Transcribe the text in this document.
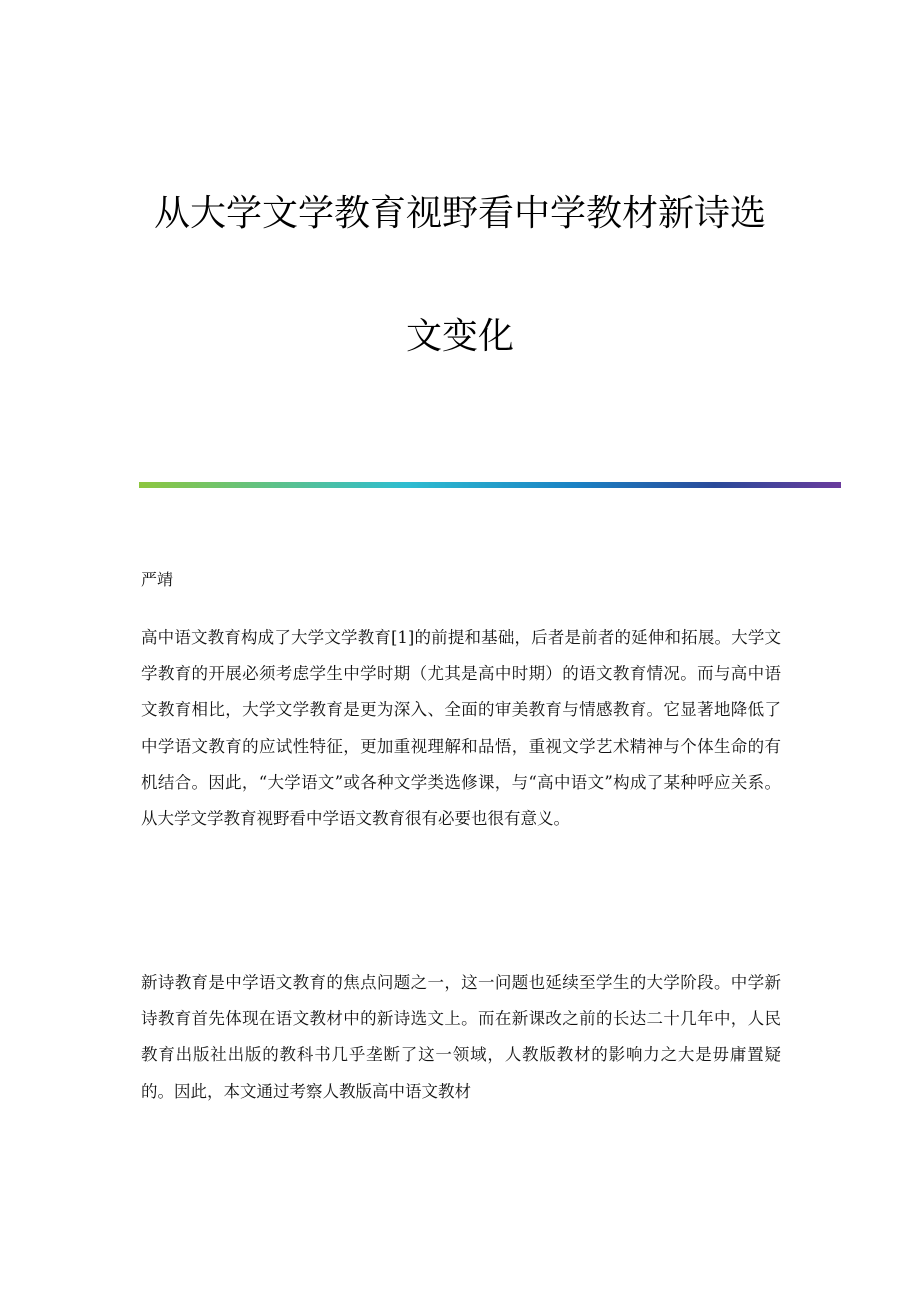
从大学文学教育视野看中学教材新诗选
文变化

严靖

高中语文教育构成了大学文学教育[1]的前提和基础，后者是前者的延伸和拓展。大学文学教育的开展必须考虑学生中学时期（尤其是高中时期）的语文教育情况。而与高中语文教育相比，大学文学教育是更为深入、全面的审美教育与情感教育。它显著地降低了中学语文教育的应试性特征，更加重视理解和品悟，重视文学艺术精神与个体生命的有机结合。因此，“大学语文”或各种文学类选修课，与“高中语文”构成了某种呼应关系。从大学文学教育视野看中学语文教育很有必要也很有意义。

新诗教育是中学语文教育的焦点问题之一，这一问题也延续至学生的大学阶段。中学新诗教育首先体现在语文教材中的新诗选文上。而在新课改之前的长达二十几年中，人民教育出版社出版的教科书几乎垄断了这一领域，人教版教材的影响力之大是毋庸置疑的。因此，本文通过考察人教版高中语文教材
